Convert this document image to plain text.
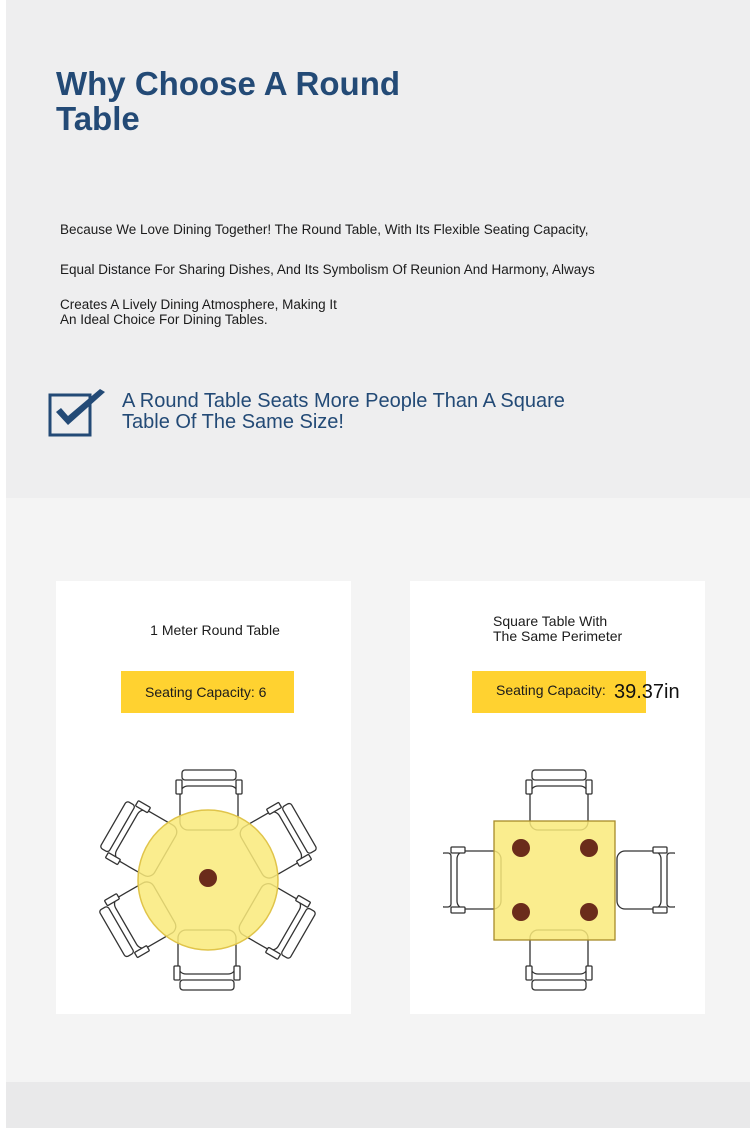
Why Choose A Round Table

Because We Love Dining Together! The Round Table, With Its Flexible Seating Capacity,

Equal Distance For Sharing Dishes, And Its Symbolism Of Reunion And Harmony, Always

Creates A Lively Dining Atmosphere, Making It

An Ideal Choice For Dining Tables.

A Round Table Seats More People Than A Square Table Of The Same Size!

1 Meter Round Table

Seating Capacity: 6

Square Table With

The Same Perimeter

Seating Capacity: 39.37in
